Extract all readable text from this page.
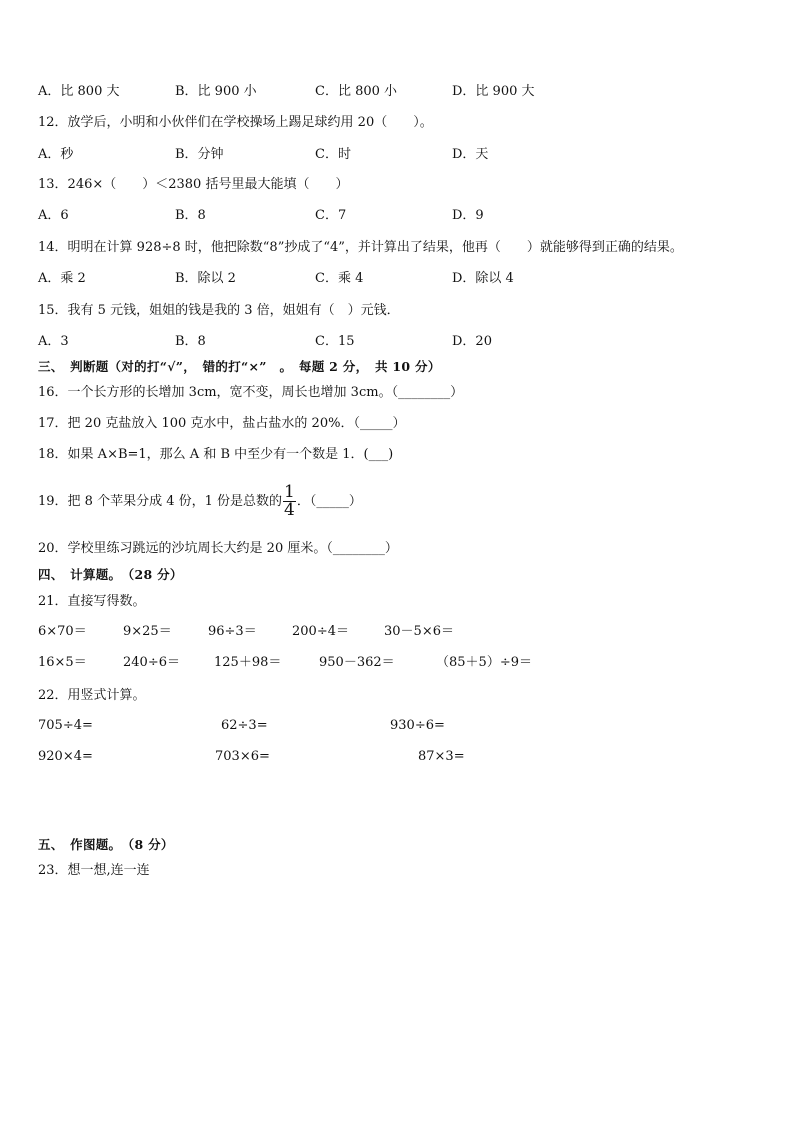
A．比 800 大	B．比 900 小	C．比 800 小	D．比 900 大
12．放学后，小明和小伙伴们在学校操场上踢足球约用 20（　　）。
A．秒	B．分钟	C．时	D．天
13．246×（　　）＜2380 括号里最大能填（　　）
A．6	B．8	C．7	D．9
14．明明在计算 928÷8 时，他把除数“8”抄成了“4”，并计算出了结果，他再（　　）就能够得到正确的结果。
A．乘 2	B．除以 2	C．乘 4	D．除以 4
15．我有 5 元钱，姐姐的钱是我的 3 倍，姐姐有（　）元钱．
A．3	B．8	C．15	D．20
三、　判断题（对的打“√”，　错的打“×”　。　每题 2 分，　共 10 分）
16．一个长方形的长增加 3cm，宽不变，周长也增加 3cm。（________）
17．把 20 克盐放入 100 克水中，盐占盐水的 20%．（_____）
18．如果 A×B=1，那么 A 和 B 中至少有一个数是 1．(___)
19．把 8 个苹果分成 4 份，1 份是总数的 $\frac{1}{4}$ ．（_____）
20．学校里练习跳远的沙坑周长大约是 20 厘米。（________）
四、　计算题。　（28 分）
21．直接写得数。
6×70＝	9×25＝	96÷3＝	200÷4＝	30－5×6＝
16×5＝	240÷6＝	125＋98＝	950－362＝	（85＋5）÷9＝
22．用竖式计算。
705÷4=	62÷3=	930÷6=
920×4=	703×6=	87×3=
五、　作图题。　（8 分）
23．想一想,连一连
